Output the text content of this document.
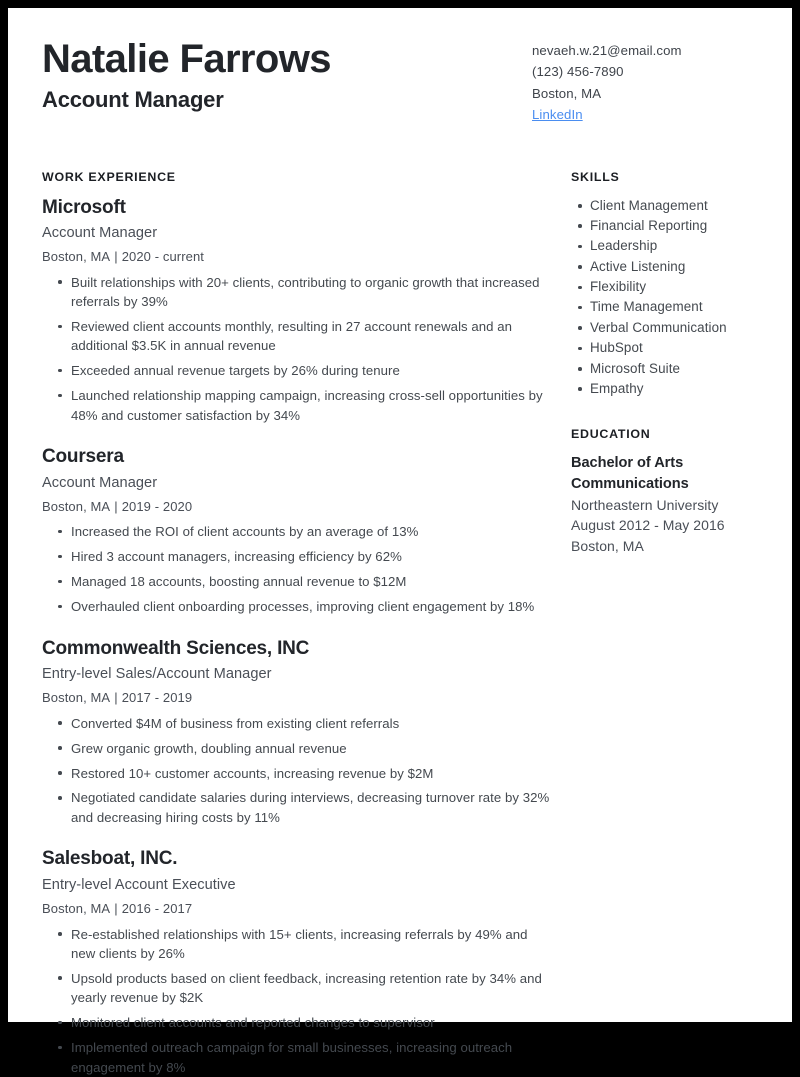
Natalie Farrows
Account Manager
nevaeh.w.21@email.com
(123) 456-7890
Boston, MA
LinkedIn
WORK EXPERIENCE
Microsoft
Account Manager
Boston, MA | 2020 - current
Built relationships with 20+ clients, contributing to organic growth that increased referrals by 39%
Reviewed client accounts monthly, resulting in 27 account renewals and an additional $3.5K in annual revenue
Exceeded annual revenue targets by 26% during tenure
Launched relationship mapping campaign, increasing cross-sell opportunities by 48% and customer satisfaction by 34%
Coursera
Account Manager
Boston, MA | 2019 - 2020
Increased the ROI of client accounts by an average of 13%
Hired 3 account managers, increasing efficiency by 62%
Managed 18 accounts, boosting annual revenue to $12M
Overhauled client onboarding processes, improving client engagement by 18%
Commonwealth Sciences, INC
Entry-level Sales/Account Manager
Boston, MA | 2017 - 2019
Converted $4M of business from existing client referrals
Grew organic growth, doubling annual revenue
Restored 10+ customer accounts, increasing revenue by $2M
Negotiated candidate salaries during interviews, decreasing turnover rate by 32% and decreasing hiring costs by 11%
Salesboat, INC.
Entry-level Account Executive
Boston, MA | 2016 - 2017
Re-established relationships with 15+ clients, increasing referrals by 49% and new clients by 26%
Upsold products based on client feedback, increasing retention rate by 34% and yearly revenue by $2K
Monitored client accounts and reported changes to supervisor
Implemented outreach campaign for small businesses, increasing outreach engagement by 8%
SKILLS
Client Management
Financial Reporting
Leadership
Active Listening
Flexibility
Time Management
Verbal Communication
HubSpot
Microsoft Suite
Empathy
EDUCATION
Bachelor of Arts
Communications
Northeastern University
August 2012 - May 2016
Boston, MA
